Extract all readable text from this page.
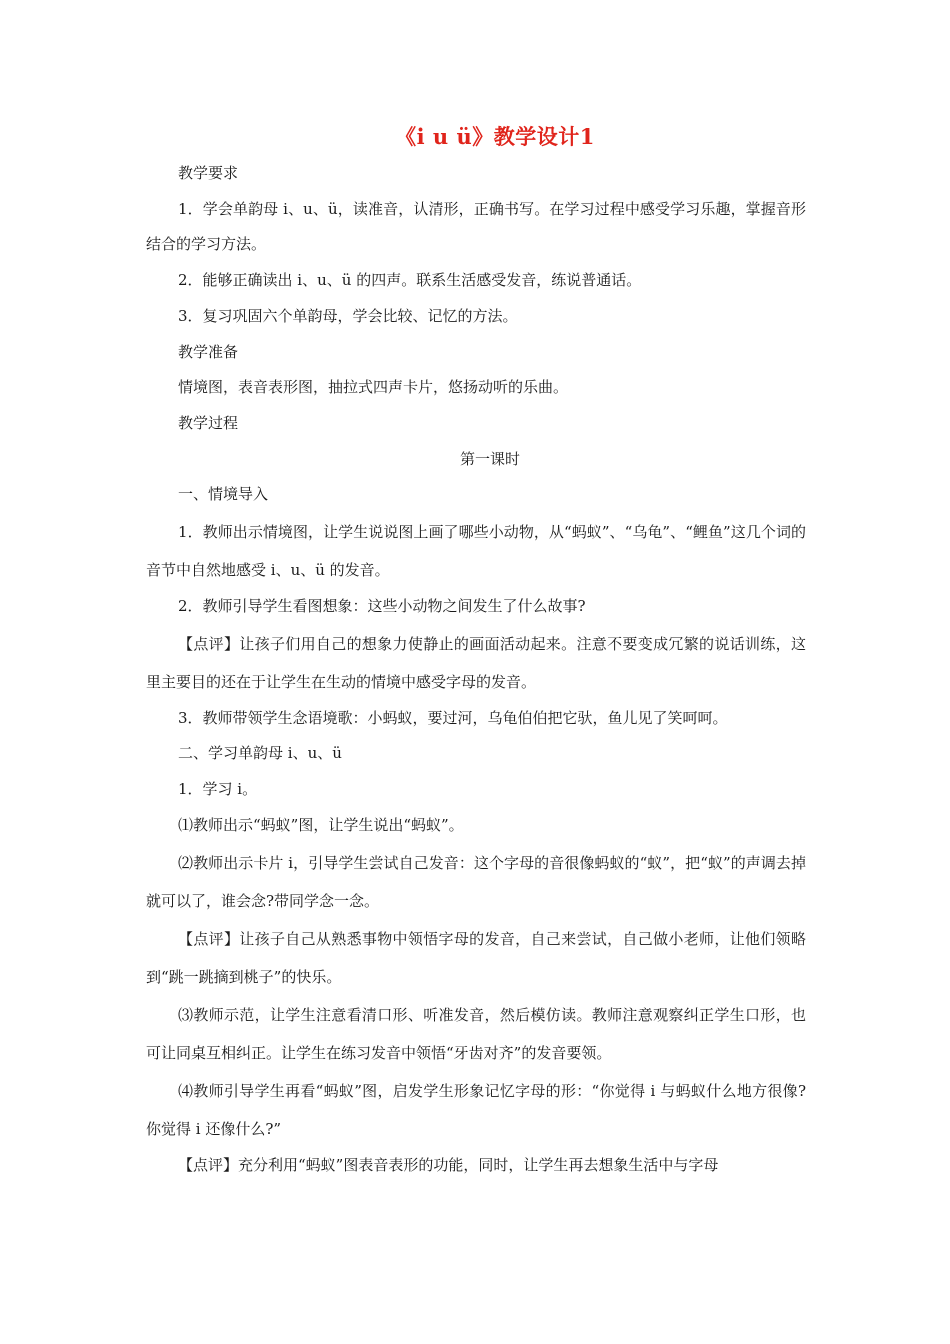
《i u ü》教学设计1

教学要求

1．学会单韵母 i、u、ü，读准音，认清形，正确书写。在学习过程中感受学习乐趣，掌握音形结合的学习方法。

2．能够正确读出 i、u、ü 的四声。联系生活感受发音，练说普通话。

3．复习巩固六个单韵母，学会比较、记忆的方法。

教学准备

情境图，表音表形图，抽拉式四声卡片，悠扬动听的乐曲。

教学过程

第一课时

一、情境导入

1．教师出示情境图，让学生说说图上画了哪些小动物，从“蚂蚁”、“乌龟”、“鲤鱼”这几个词的音节中自然地感受 i、u、ü 的发音。

2．教师引导学生看图想象：这些小动物之间发生了什么故事?

【点评】让孩子们用自己的想象力使静止的画面活动起来。注意不要变成冗繁的说话训练，这里主要目的还在于让学生在生动的情境中感受字母的发音。

3．教师带领学生念语境歌：小蚂蚁，要过河，乌龟伯伯把它驮，鱼儿见了笑呵呵。

二、学习单韵母 i、u、ü

1．学习 i。

⑴教师出示“蚂蚁”图，让学生说出“蚂蚁”。

⑵教师出示卡片 i，引导学生尝试自己发音：这个字母的音很像蚂蚁的“蚁”，把“蚁”的声调去掉就可以了，谁会念?带同学念一念。

【点评】让孩子自己从熟悉事物中领悟字母的发音，自己来尝试，自己做小老师，让他们领略到“跳一跳摘到桃子”的快乐。

⑶教师示范，让学生注意看清口形、听准发音，然后模仿读。教师注意观察纠正学生口形，也可让同桌互相纠正。让学生在练习发音中领悟“牙齿对齐”的发音要领。

⑷教师引导学生再看“蚂蚁”图，启发学生形象记忆字母的形：“你觉得 i 与蚂蚁什么地方很像?你觉得 i 还像什么?”

【点评】充分利用“蚂蚁”图表音表形的功能，同时，让学生再去想象生活中与字母
